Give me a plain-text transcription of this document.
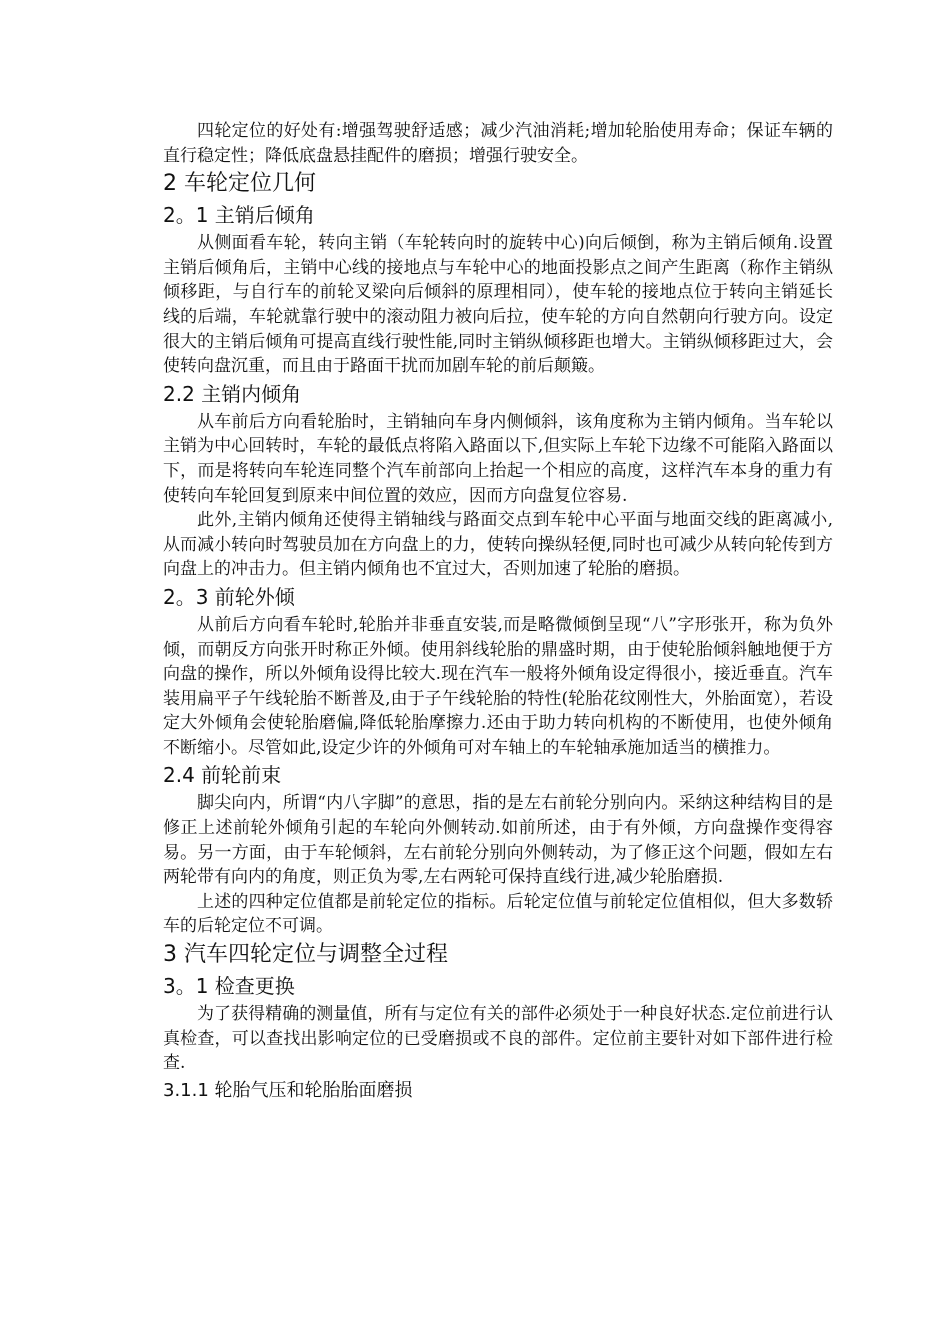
四轮定位的好处有:增强驾驶舒适感；减少汽油消耗;增加轮胎使用寿命；保证车辆的直行稳定性；降低底盘悬挂配件的磨损；增强行驶安全。

2 车轮定位几何
2。1 主销后倾角

从侧面看车轮，转向主销（车轮转向时的旋转中心)向后倾倒，称为主销后倾角.设置主销后倾角后，主销中心线的接地点与车轮中心的地面投影点之间产生距离（称作主销纵倾移距，与自行车的前轮叉梁向后倾斜的原理相同），使车轮的接地点位于转向主销延长线的后端，车轮就靠行驶中的滚动阻力被向后拉，使车轮的方向自然朝向行驶方向。设定很大的主销后倾角可提高直线行驶性能,同时主销纵倾移距也增大。主销纵倾移距过大，会使转向盘沉重，而且由于路面干扰而加剧车轮的前后颠簸。

2.2 主销内倾角

从车前后方向看轮胎时，主销轴向车身内侧倾斜，该角度称为主销内倾角。当车轮以主销为中心回转时，车轮的最低点将陷入路面以下,但实际上车轮下边缘不可能陷入路面以下，而是将转向车轮连同整个汽车前部向上抬起一个相应的高度，这样汽车本身的重力有使转向车轮回复到原来中间位置的效应，因而方向盘复位容易.

此外,主销内倾角还使得主销轴线与路面交点到车轮中心平面与地面交线的距离减小,从而减小转向时驾驶员加在方向盘上的力，使转向操纵轻便,同时也可减少从转向轮传到方向盘上的冲击力。但主销内倾角也不宜过大，否则加速了轮胎的磨损。

2。3 前轮外倾

从前后方向看车轮时,轮胎并非垂直安装,而是略微倾倒呈现“八”字形张开，称为负外倾，而朝反方向张开时称正外倾。使用斜线轮胎的鼎盛时期，由于使轮胎倾斜触地便于方向盘的操作，所以外倾角设得比较大.现在汽车一般将外倾角设定得很小，接近垂直。汽车装用扁平子午线轮胎不断普及,由于子午线轮胎的特性(轮胎花纹刚性大，外胎面宽），若设定大外倾角会使轮胎磨偏,降低轮胎摩擦力.还由于助力转向机构的不断使用，也使外倾角不断缩小。尽管如此,设定少许的外倾角可对车轴上的车轮轴承施加适当的横推力。

2.4 前轮前束

脚尖向内，所谓“内八字脚”的意思，指的是左右前轮分别向内。采纳这种结构目的是修正上述前轮外倾角引起的车轮向外侧转动.如前所述，由于有外倾，方向盘操作变得容易。另一方面，由于车轮倾斜，左右前轮分别向外侧转动，为了修正这个问题，假如左右两轮带有向内的角度，则正负为零,左右两轮可保持直线行进,减少轮胎磨损.

上述的四种定位值都是前轮定位的指标。后轮定位值与前轮定位值相似，但大多数轿车的后轮定位不可调。

3 汽车四轮定位与调整全过程
3。1 检查更换

为了获得精确的测量值，所有与定位有关的部件必须处于一种良好状态.定位前进行认真检查，可以查找出影响定位的已受磨损或不良的部件。定位前主要针对如下部件进行检查.

3.1.1 轮胎气压和轮胎胎面磨损
